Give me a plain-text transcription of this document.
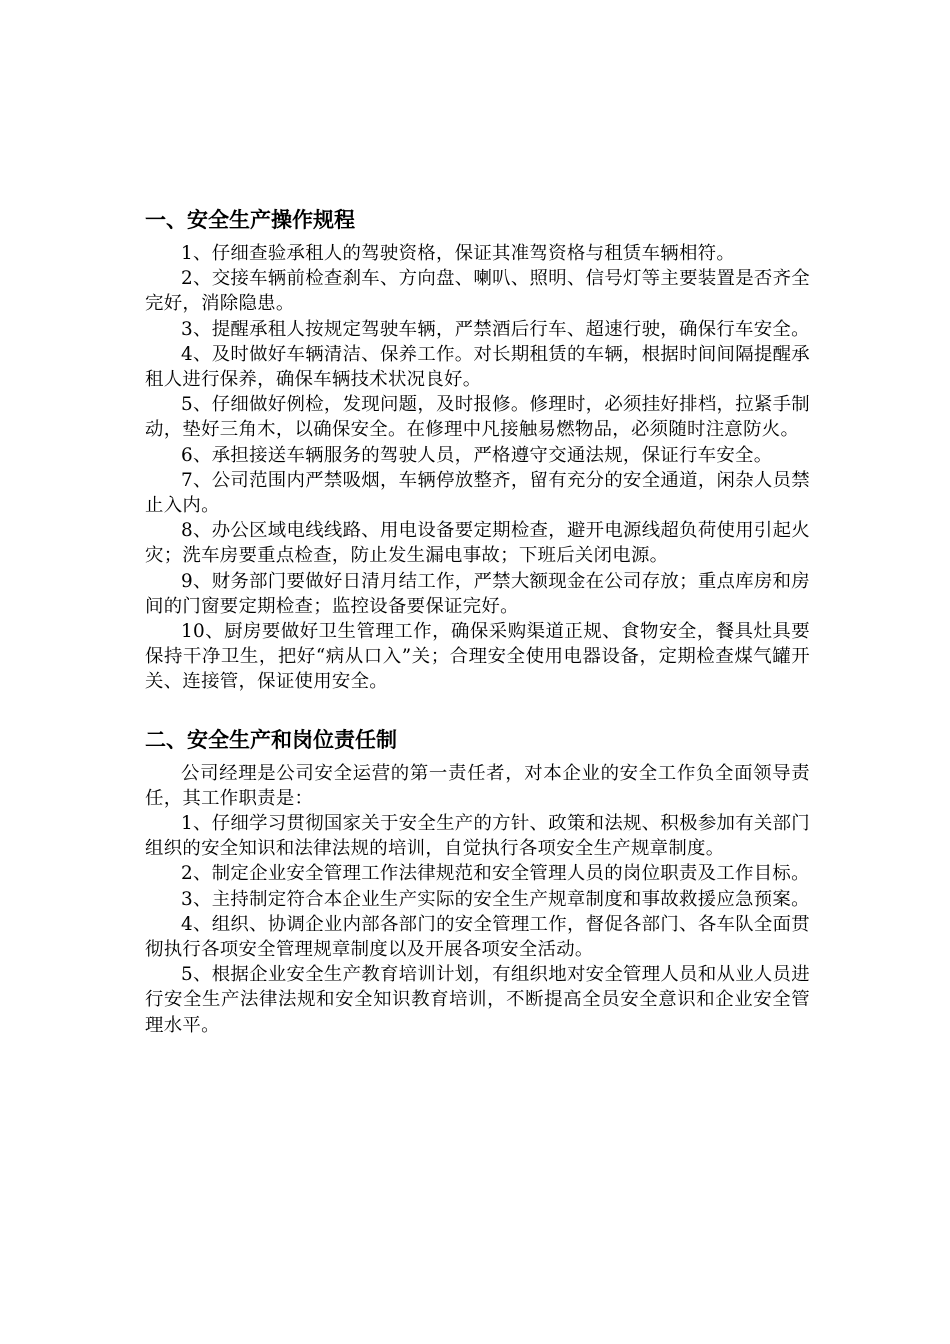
一、安全生产操作规程

1、仔细查验承租人的驾驶资格，保证其准驾资格与租赁车辆相符。

2、交接车辆前检查刹车、方向盘、喇叭、照明、信号灯等主要装置是否齐全完好，消除隐患。

3、提醒承租人按规定驾驶车辆，严禁酒后行车、超速行驶，确保行车安全。

4、及时做好车辆清洁、保养工作。对长期租赁的车辆，根据时间间隔提醒承租人进行保养，确保车辆技术状况良好。

5、仔细做好例检，发现问题，及时报修。修理时，必须挂好排档，拉紧手制动，垫好三角木，以确保安全。在修理中凡接触易燃物品，必须随时注意防火。

6、承担接送车辆服务的驾驶人员，严格遵守交通法规，保证行车安全。

7、公司范围内严禁吸烟，车辆停放整齐，留有充分的安全通道，闲杂人员禁止入内。

8、办公区域电线线路、用电设备要定期检查，避开电源线超负荷使用引起火灾；洗车房要重点检查，防止发生漏电事故；下班后关闭电源。

9、财务部门要做好日清月结工作，严禁大额现金在公司存放；重点库房和房间的门窗要定期检查；监控设备要保证完好。

10、厨房要做好卫生管理工作，确保采购渠道正规、食物安全，餐具灶具要保持干净卫生，把好“病从口入”关；合理安全使用电器设备，定期检查煤气罐开关、连接管，保证使用安全。

二、安全生产和岗位责任制

公司经理是公司安全运营的第一责任者，对本企业的安全工作负全面领导责任，其工作职责是：

1、仔细学习贯彻国家关于安全生产的方针、政策和法规、积极参加有关部门组织的安全知识和法律法规的培训，自觉执行各项安全生产规章制度。

2、制定企业安全管理工作法律规范和安全管理人员的岗位职责及工作目标。

3、主持制定符合本企业生产实际的安全生产规章制度和事故救援应急预案。

4、组织、协调企业内部各部门的安全管理工作，督促各部门、各车队全面贯彻执行各项安全管理规章制度以及开展各项安全活动。

5、根据企业安全生产教育培训计划，有组织地对安全管理人员和从业人员进行安全生产法律法规和安全知识教育培训，不断提高全员安全意识和企业安全管理水平。
